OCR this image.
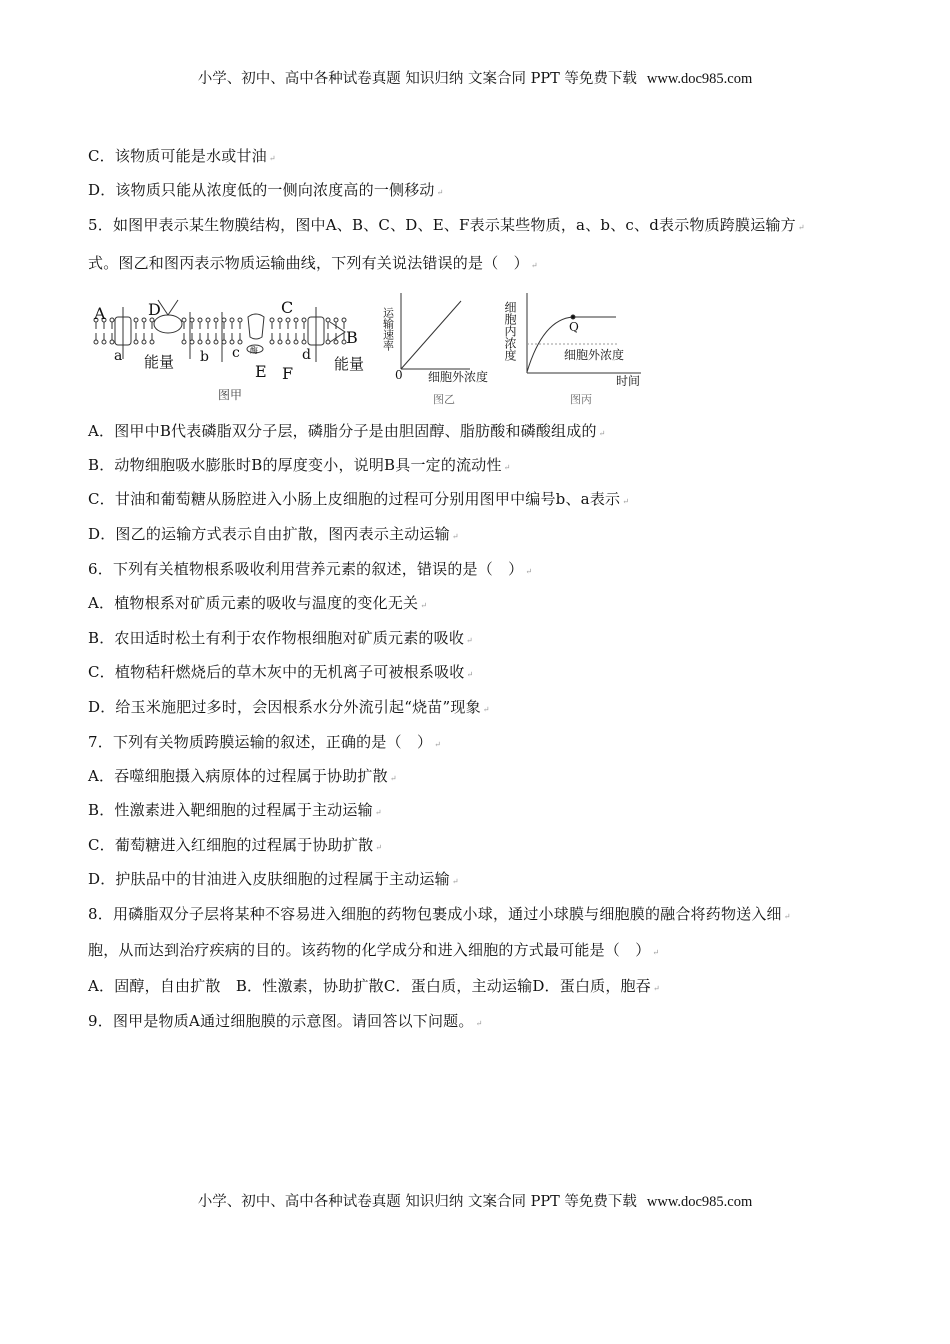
小学、初中、高中各种试卷真题 知识归纳 文案合同 PPT 等免费下载 www.doc985.com
C．该物质可能是水或甘油 ↵
D．该物质只能从浓度低的一侧向浓度高的一侧移动 ↵
5．如图甲表示某生物膜结构，图中A、B、C、D、E、F表示某些物质，a、b、c、d表示物质跨膜运输方 ↵
式。图乙和图丙表示物质运输曲线，下列有关说法错误的是（　） ↵
A．图甲中B代表磷脂双分子层，磷脂分子是由胆固醇、脂肪酸和磷酸组成的 ↵
B．动物细胞吸水膨胀时B的厚度变小，说明B具一定的流动性 ↵
C．甘油和葡萄糖从肠腔进入小肠上皮细胞的过程可分别用图甲中编号b、a表示 ↵
D．图乙的运输方式表示自由扩散，图丙表示主动运输 ↵
6．下列有关植物根系吸收利用营养元素的叙述，错误的是（　） ↵
A．植物根系对矿质元素的吸收与温度的变化无关 ↵
B．农田适时松土有利于农作物根细胞对矿质元素的吸收 ↵
C．植物秸秆燃烧后的草木灰中的无机离子可被根系吸收 ↵
D．给玉米施肥过多时，会因根系水分外流引起“烧苗”现象 ↵
7．下列有关物质跨膜运输的叙述，正确的是（　） ↵
A．吞噬细胞摄入病原体的过程属于协助扩散 ↵
B．性激素进入靶细胞的过程属于主动运输 ↵
C．葡萄糖进入红细胞的过程属于协助扩散 ↵
D．护肤品中的甘油进入皮肤细胞的过程属于主动运输 ↵
8．用磷脂双分子层将某种不容易进入细胞的药物包裹成小球，通过小球膜与细胞膜的融合将药物送入细 ↵
胞，从而达到治疗疾病的目的。该药物的化学成分和进入细胞的方式最可能是（　） ↵
A．固醇，自由扩散　B．性激素，协助扩散C．蛋白质，主动运输D．蛋白质，胞吞 ↵
9．图甲是物质A通过细胞膜的示意图。请回答以下问题。 ↵
A	D	C
B
a	b c	d
酶
E F
能量	能量
图甲
运输速率
0 细胞外浓度
图乙
细胞内浓度	Q
细胞外浓度
时间
图丙
小学、初中、高中各种试卷真题 知识归纳 文案合同 PPT 等免费下载 www.doc985.com
